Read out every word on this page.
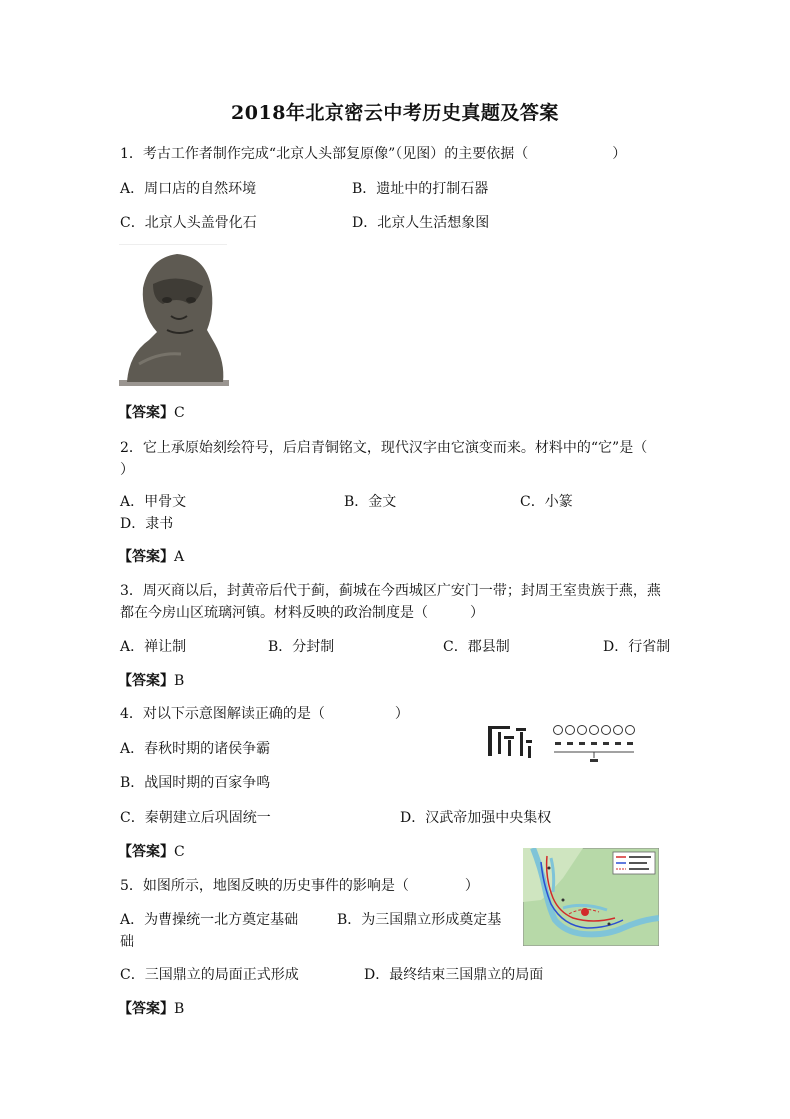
2018年北京密云中考历史真题及答案
1．考古工作者制作完成“北京人头部复原像”（见图）的主要依据（　　　　　　）
A．周口店的自然环境	B．遗址中的打制石器
C．北京人头盖骨化石	D．北京人生活想象图
【答案】C
2．它上承原始刻绘符号，后启青铜铭文，现代汉字由它演变而来。材料中的“它”是（
）
A．甲骨文	B．金文	C．小篆
D．隶书
【答案】A
3．周灭商以后，封黄帝后代于蓟，蓟城在今西城区广安门一带；封周王室贵族于燕，燕
都在今房山区琉璃河镇。材料反映的政治制度是（　　　）
A．禅让制	B．分封制	C．郡县制	D．行省制
【答案】B
4．对以下示意图解读正确的是（　　　　　）
A．春秋时期的诸侯争霸
B．战国时期的百家争鸣
C．秦朝建立后巩固统一	D．汉武帝加强中央集权
【答案】C
5．如图所示，地图反映的历史事件的影响是（　　　　）
A．为曹操统一北方奠定基础	B．为三国鼎立形成奠定基
础
C．三国鼎立的局面正式形成	D．最终结束三国鼎立的局面
【答案】B
